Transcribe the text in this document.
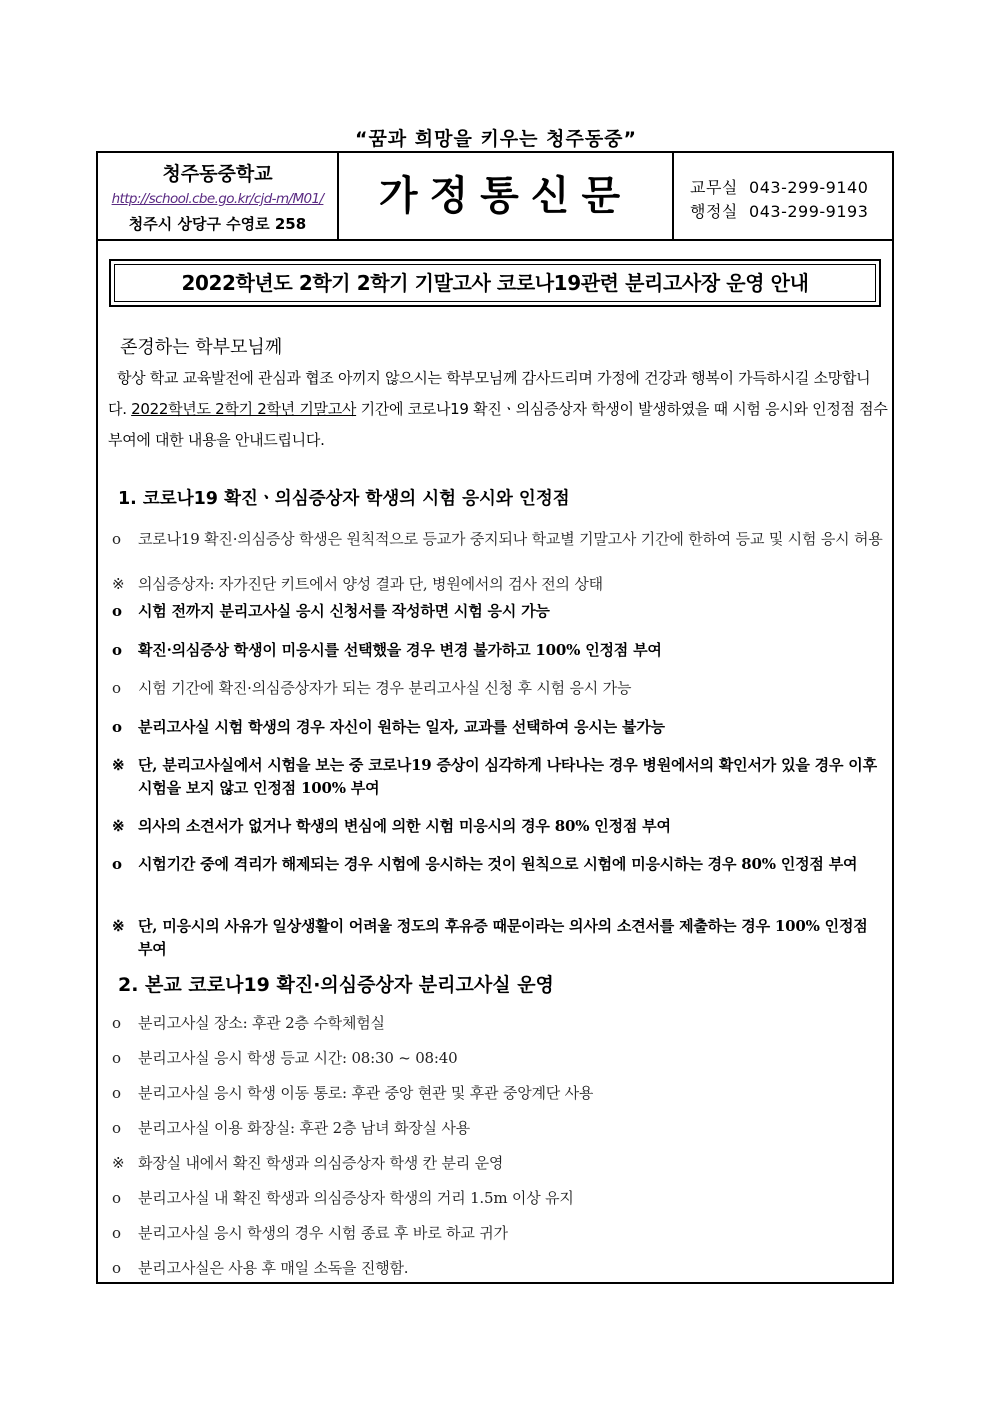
“꿈과 희망을 키우는 청주동중”
청주동중학교
http://school.cbe.go.kr/cjd-m/M01/
청주시 상당구 수영로 258
가정통신문	교무실 043-299-9140
행정실 043-299-9193
2022학년도 2학기 2학기 기말고사 코로나19관련 분리고사장 운영 안내
존경하는 학부모님께
항상 학교 교육발전에 관심과 협조 아끼지 않으시는 학부모님께 감사드리며 가정에 건강과 행복이 가득하시길 소망합니다. 2022학년도 2학기 2학년 기말고사 기간에 코로나19 확진ㆍ의심증상자 학생이 발생하였을 때 시험 응시와 인정점 점수 부여에 대한 내용을 안내드립니다.
1. 코로나19 확진ㆍ의심증상자 학생의 시험 응시와 인정점
ο	코로나19 확진·의심증상 학생은 원칙적으로 등교가 중지되나 학교별 기말고사 기간에 한하여 등교 및 시험 응시 허용
※ 의심증상자: 자가진단 키트에서 양성 결과 단, 병원에서의 검사 전의 상태
ο	시험 전까지 분리고사실 응시 신청서를 작성하면 시험 응시 가능
ο	확진·의심증상 학생이 미응시를 선택했을 경우 변경 불가하고 100% 인정점 부여
ο	시험 기간에 확진·의심증상자가 되는 경우 분리고사실 신청 후 시험 응시 가능
ο	분리고사실 시험 학생의 경우 자신이 원하는 일자, 교과를 선택하여 응시는 불가능
※ 단, 분리고사실에서 시험을 보는 중 코로나19 증상이 심각하게 나타나는 경우 병원에서의 확인서가 있을 경우 이후 시험을 보지 않고 인정점 100% 부여
※ 의사의 소견서가 없거나 학생의 변심에 의한 시험 미응시의 경우 80% 인정점 부여
ο	시험기간 중에 격리가 해제되는 경우 시험에 응시하는 것이 원칙으로 시험에 미응시하는 경우 80% 인정점 부여
※ 단, 미응시의 사유가 일상생활이 어려울 정도의 후유증 때문이라는 의사의 소견서를 제출하는 경우 100% 인정점 부여
2. 본교 코로나19 확진·의심증상자 분리고사실 운영
ο	분리고사실 장소: 후관 2층 수학체험실
ο	분리고사실 응시 학생 등교 시간: 08:30 ~ 08:40
ο	분리고사실 응시 학생 이동 통로: 후관 중앙 현관 및 후관 중앙계단 사용
ο	분리고사실 이용 화장실: 후관 2층 남녀 화장실 사용
※ 화장실 내에서 확진 학생과 의심증상자 학생 칸 분리 운영
ο	분리고사실 내 확진 학생과 의심증상자 학생의 거리 1.5m 이상 유지
ο	분리고사실 응시 학생의 경우 시험 종료 후 바로 하교 귀가
ο	분리고사실은 사용 후 매일 소독을 진행함.
